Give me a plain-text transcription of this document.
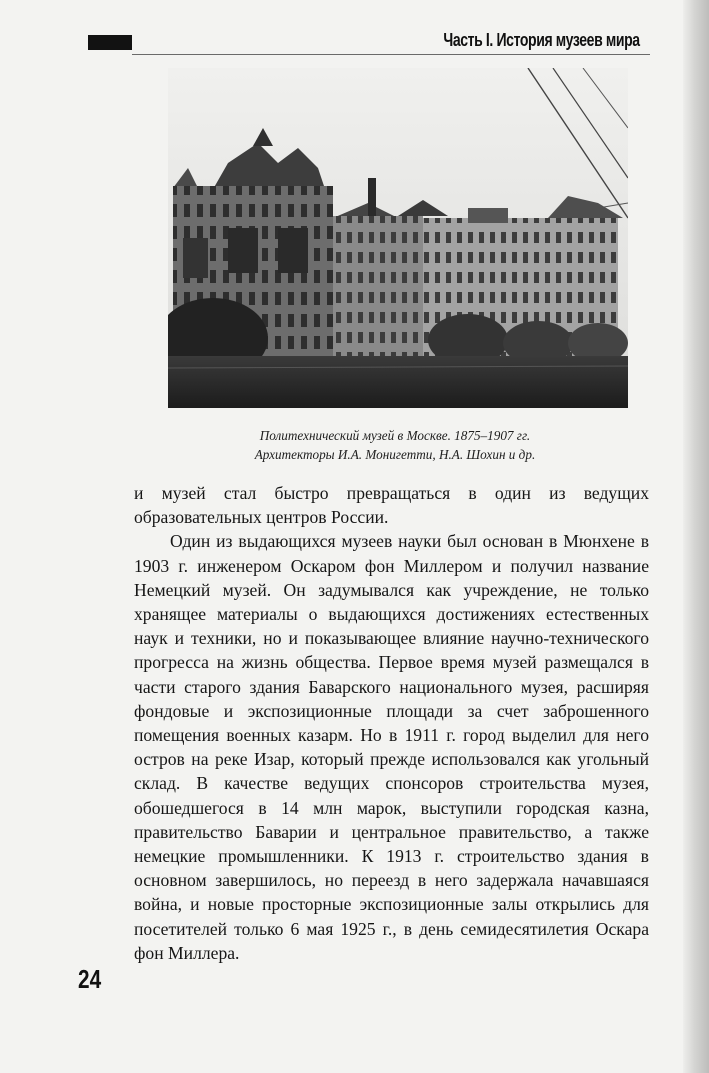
Часть I. История музеев мира
Политехнический музей в Москве. 1875–1907 гг.
Архитекторы И.А. Монигетти, Н.А. Шохин и др.

и музей стал быстро превращаться в один из ведущих образовательных центров России.

Один из выдающихся музеев науки был основан в Мюнхене в 1903 г. инженером Оскаром фон Миллером и получил название Немецкий музей. Он задумывался как учреждение, не только хранящее материалы о выдающихся достижениях естественных наук и техники, но и показывающее влияние научно-технического прогресса на жизнь общества. Первое время музей размещался в части старого здания Баварского национального музея, расширяя фондовые и экспозиционные площади за счет заброшенного помещения военных казарм. Но в 1911 г. город выделил для него остров на реке Изар, который прежде использовался как угольный склад. В качестве ведущих спонсоров строительства музея, обошедшегося в 14 млн марок, выступили городская казна, правительство Баварии и центральное правительство, а также немецкие промышленники. К 1913 г. строительство здания в основном завершилось, но переезд в него задержала начавшаяся война, и новые просторные экспозиционные залы открылись для посетителей только 6 мая 1925 г., в день семидесятилетия Оскара фон Миллера.

24
